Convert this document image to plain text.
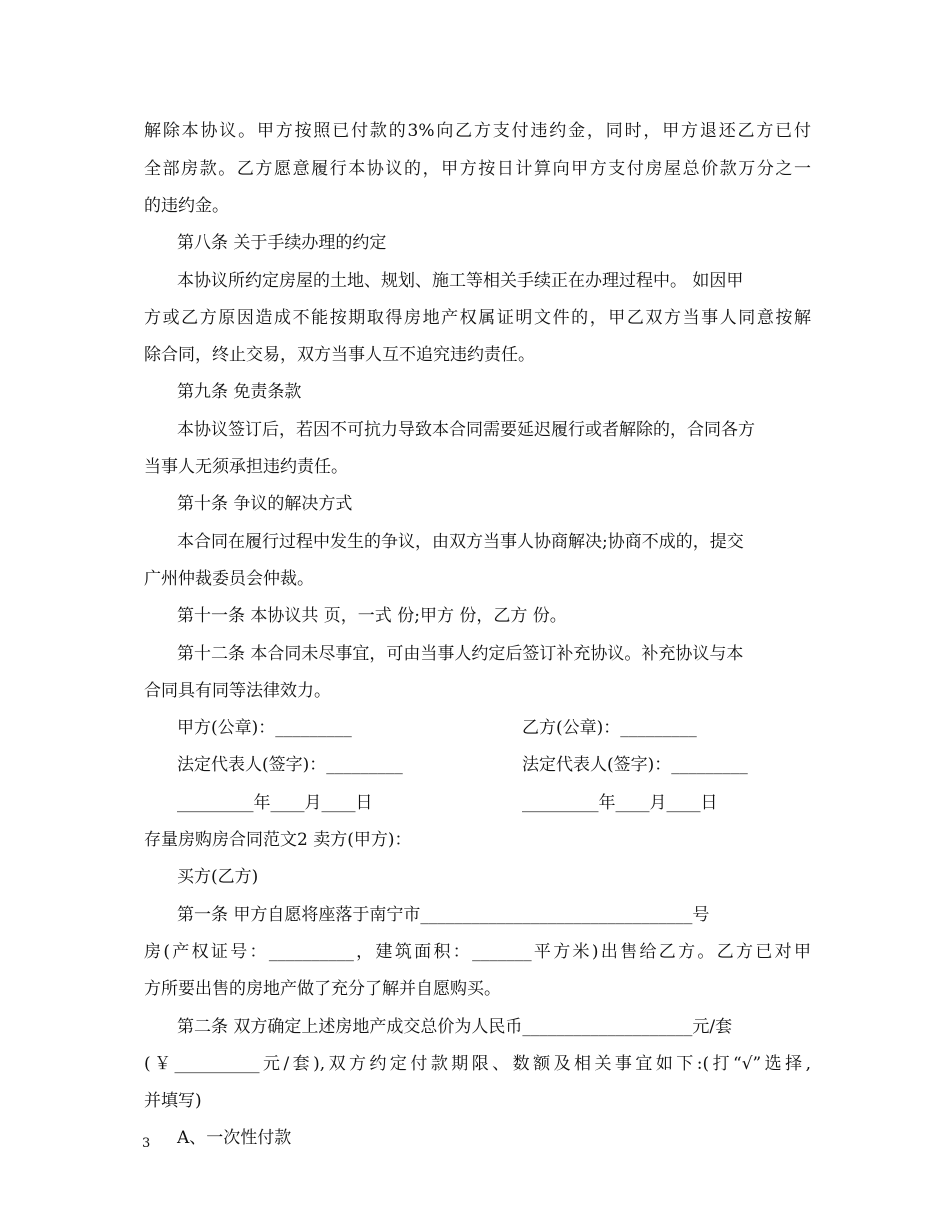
解除本协议。甲方按照已付款的3%向乙方支付违约金，同时，甲方退还乙方已付
全部房款。乙方愿意履行本协议的，甲方按日计算向甲方支付房屋总价款万分之一
的违约金。
第八条 关于手续办理的约定
本协议所约定房屋的土地、规划、施工等相关手续正在办理过程中。 如因甲
方或乙方原因造成不能按期取得房地产权属证明文件的，甲乙双方当事人同意按解
除合同，终止交易，双方当事人互不追究违约责任。
第九条 免责条款
本协议签订后，若因不可抗力导致本合同需要延迟履行或者解除的，合同各方
当事人无须承担违约责任。
第十条 争议的解决方式
本合同在履行过程中发生的争议，由双方当事人协商解决;协商不成的，提交
广州仲裁委员会仲裁。
第十一条 本协议共 页，一式 份;甲方 份，乙方 份。
第十二条 本合同未尽事宜，可由当事人约定后签订补充协议。补充协议与本
合同具有同等法律效力。
甲方(公章)：_________	乙方(公章)：_________
法定代表人(签字)：_________	法定代表人(签字)：_________
_________年____月____日	_________年____月____日
存量房购房合同范文2 卖方(甲方)：
买方(乙方)
第一条 甲方自愿将座落于南宁市________________________________号
房(产权证号：__________，建筑面积：_______平方米)出售给乙方。乙方已对甲
方所要出售的房地产做了充分了解并自愿购买。
第二条 双方确定上述房地产成交总价为人民币____________________元/套
(￥__________元/套),双方约定付款期限、数额及相关事宜如下:(打“√”选择,
并填写)
A、一次性付款
3
